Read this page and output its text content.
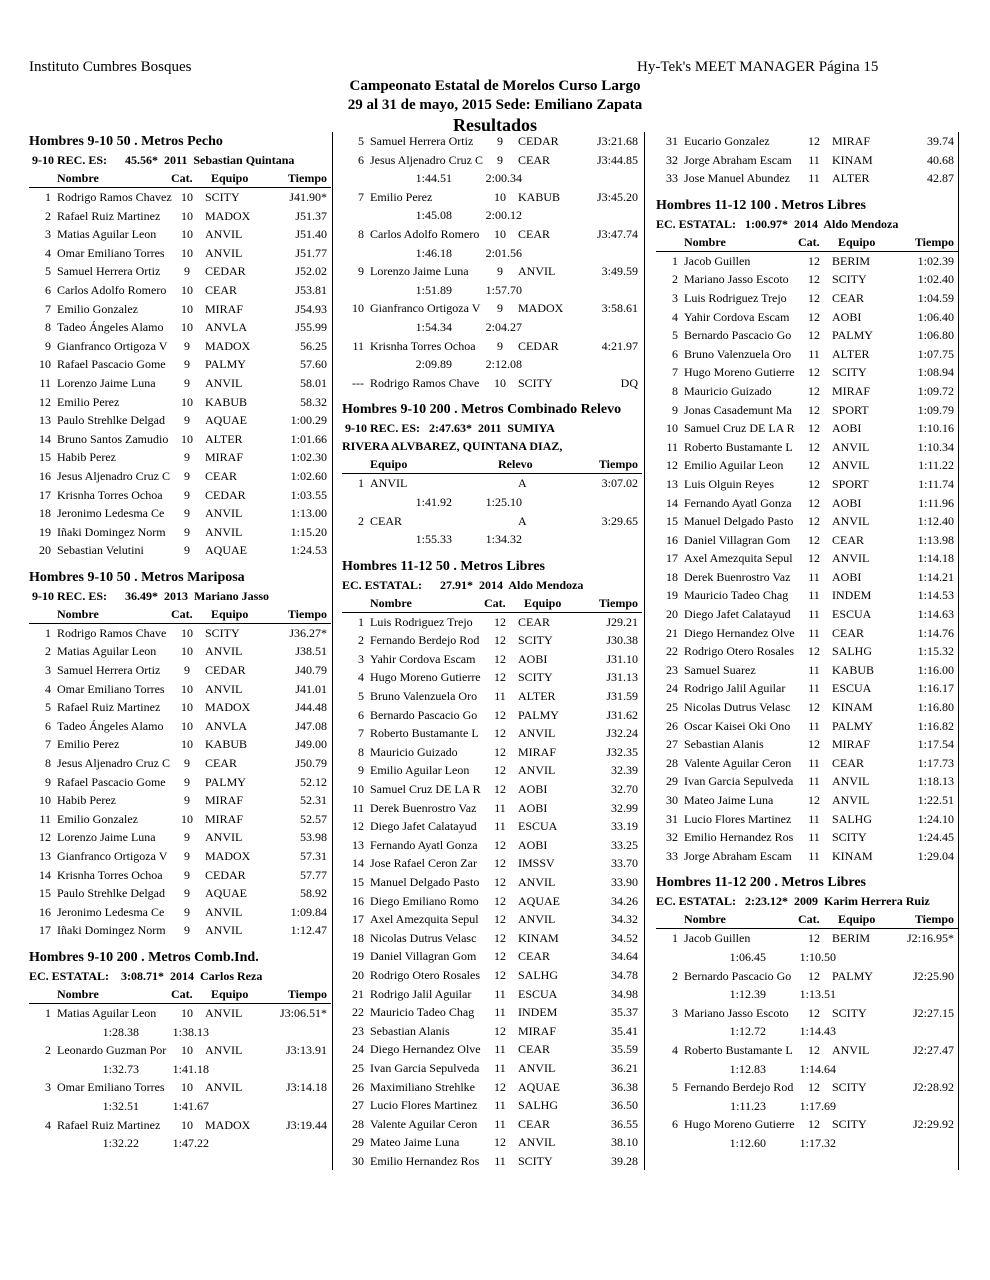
Instituto Cumbres Bosques	Hy-Tek's MEET MANAGER Página 15
Campeonato Estatal de Morelos Curso Largo
29 al 31 de mayo, 2015 Sede: Emiliano Zapata
Resultados
Hombres 9-10 50 . Metros Pecho
9-10 REC. ES:      45.56*  2011  Sebastian Quintana
Nombre	Cat. Equipo	Tiempo
1 Rodrigo Ramos Chavez 10	SCITY	J41.90*
2 Rafael Ruiz Martinez	10	MADOX	J51.37
3 Matias Aguilar Leon	10	ANVIL	J51.40
4 Omar Emiliano Torres	10	ANVIL	J51.77
5 Samuel Herrera Ortiz	9	CEDAR	J52.02
6 Carlos Adolfo Romero	10	CEAR	J53.81
7 Emilio Gonzalez	10	MIRAF	J54.93
8 Tadeo Ángeles Alamo	10	ANVLA	J55.99
9 Gianfranco Ortigoza V	9	MADOX	56.25
10 Rafael Pascacio Gome	9	PALMY	57.60
11 Lorenzo Jaime Luna	9	ANVIL	58.01
12 Emilio Perez	10	KABUB	58.32
13 Paulo Strehlke Delgad	9	AQUAE	1:00.29
14 Bruno Santos Zamudio	10	ALTER	1:01.66
15 Habib Perez	9	MIRAF	1:02.30
16 Jesus Aljenadro Cruz C	9	CEAR	1:02.60
17 Krisnha Torres Ochoa	9	CEDAR	1:03.55
18 Jeronimo Ledesma Ce	9	ANVIL	1:13.00
19 Iñaki Domingez Norm	9	ANVIL	1:15.20
20 Sebastian Velutini	9	AQUAE	1:24.53
Hombres 9-10 50 . Metros Mariposa
9-10 REC. ES:      36.49*  2013  Mariano Jasso
Nombre	Cat. Equipo	Tiempo
1 Rodrigo Ramos Chave	10	SCITY	J36.27*
2 Matias Aguilar Leon	10	ANVIL	J38.51
3 Samuel Herrera Ortiz	9	CEDAR	J40.79
4 Omar Emiliano Torres	10	ANVIL	J41.01
5 Rafael Ruiz Martinez	10	MADOX	J44.48
6 Tadeo Ángeles Alamo	10	ANVLA	J47.08
7 Emilio Perez	10	KABUB	J49.00
8 Jesus Aljenadro Cruz C	9	CEAR	J50.79
9 Rafael Pascacio Gome	9	PALMY	52.12
10 Habib Perez	9	MIRAF	52.31
11 Emilio Gonzalez	10	MIRAF	52.57
12 Lorenzo Jaime Luna	9	ANVIL	53.98
13 Gianfranco Ortigoza V	9	MADOX	57.31
14 Krisnha Torres Ochoa	9	CEDAR	57.77
15 Paulo Strehlke Delgad	9	AQUAE	58.92
16 Jeronimo Ledesma Ce	9	ANVIL	1:09.84
17 Iñaki Domingez Norm	9	ANVIL	1:12.47
Hombres 9-10 200 . Metros Comb.Ind.
EC. ESTATAL:    3:08.71*  2014  Carlos Reza
Nombre	Cat. Equipo	Tiempo
1 Matias Aguilar Leon	10	ANVIL	J3:06.51*
1:28.38	1:38.13
2 Leonardo Guzman Por	10	ANVIL	J3:13.91
1:32.73	1:41.18
3 Omar Emiliano Torres	10	ANVIL	J3:14.18
1:32.51	1:41.67
4 Rafael Ruiz Martinez	10	MADOX	J3:19.44
1:32.22	1:47.22
5 Samuel Herrera Ortiz	9	CEDAR	J3:21.68
6 Jesus Aljenadro Cruz C	9	CEAR	J3:44.85
1:44.51	2:00.34
7 Emilio Perez	10	KABUB	J3:45.20
1:45.08	2:00.12
8 Carlos Adolfo Romero	10	CEAR	J3:47.74
1:46.18	2:01.56
9 Lorenzo Jaime Luna	9	ANVIL	3:49.59
1:51.89	1:57.70
10 Gianfranco Ortigoza V	9	MADOX	3:58.61
1:54.34	2:04.27
11 Krisnha Torres Ochoa	9	CEDAR	4:21.97
2:09.89	2:12.08
--- Rodrigo Ramos Chave	10	SCITY	DQ
Hombres 9-10 200 . Metros Combinado Relevo
9-10 REC. ES:   2:47.63*  2011  SUMIYA
RIVERA ALVBAREZ, QUINTANA DIAZ,
Equipo	Relevo	Tiempo
1 ANVIL	A	3:07.02
1:41.92	1:25.10
2 CEAR	A	3:29.65
1:55.33	1:34.32
Hombres 11-12 50 . Metros Libres
EC. ESTATAL:      27.91*  2014  Aldo Mendoza
Nombre	Cat. Equipo	Tiempo
1 Luis Rodriguez Trejo	12	CEAR	J29.21
2 Fernando Berdejo Rod	12	SCITY	J30.38
3 Yahir Cordova Escam	12	AOBI	J31.10
4 Hugo Moreno Gutierre	12	SCITY	J31.13
5 Bruno Valenzuela Oro	11	ALTER	J31.59
6 Bernardo Pascacio Go	12	PALMY	J31.62
7 Roberto Bustamante L	12	ANVIL	J32.24
8 Mauricio Guizado	12	MIRAF	J32.35
9 Emilio Aguilar Leon	12	ANVIL	32.39
10 Samuel Cruz DE LA R	12	AOBI	32.70
11 Derek Buenrostro Vaz	11	AOBI	32.99
12 Diego Jafet Calatayud	11	ESCUA	33.19
13 Fernando Ayatl Gonza	12	AOBI	33.25
14 Jose Rafael Ceron Zar	12	IMSSV	33.70
15 Manuel Delgado Pasto	12	ANVIL	33.90
16 Diego Emiliano Romo	12	AQUAE	34.26
17 Axel Amezquita Sepul	12	ANVIL	34.32
18 Nicolas Dutrus Velasc	12	KINAM	34.52
19 Daniel Villagran Gom	12	CEAR	34.64
20 Rodrigo Otero Rosales	12	SALHG	34.78
21 Rodrigo Jalil Aguilar	11	ESCUA	34.98
22 Mauricio Tadeo Chag	11	INDEM	35.37
23 Sebastian Alanis	12	MIRAF	35.41
24 Diego Hernandez Olve	11	CEAR	35.59
25 Ivan Garcia Sepulveda	11	ANVIL	36.21
26 Maximiliano Strehlke	12	AQUAE	36.38
27 Lucio Flores Martinez	11	SALHG	36.50
28 Valente Aguilar Ceron	11	CEAR	36.55
29 Mateo Jaime Luna	12	ANVIL	38.10
30 Emilio Hernandez Ros	11	SCITY	39.28
31 Eucario Gonzalez	12	MIRAF	39.74
32 Jorge Abraham Escam	11	KINAM	40.68
33 Jose Manuel Abundez	11	ALTER	42.87
Hombres 11-12 100 . Metros Libres
EC. ESTATAL:   1:00.97*  2014  Aldo Mendoza
Nombre	Cat. Equipo	Tiempo
1 Jacob Guillen	12	BERIM	1:02.39
2 Mariano Jasso Escoto	12	SCITY	1:02.40
3 Luis Rodriguez Trejo	12	CEAR	1:04.59
4 Yahir Cordova Escam	12	AOBI	1:06.40
5 Bernardo Pascacio Go	12	PALMY	1:06.80
6 Bruno Valenzuela Oro	11	ALTER	1:07.75
7 Hugo Moreno Gutierre	12	SCITY	1:08.94
8 Mauricio Guizado	12	MIRAF	1:09.72
9 Jonas Casademunt Ma	12	SPORT	1:09.79
10 Samuel Cruz DE LA R	12	AOBI	1:10.16
11 Roberto Bustamante L	12	ANVIL	1:10.34
12 Emilio Aguilar Leon	12	ANVIL	1:11.22
13 Luis Olguin Reyes	12	SPORT	1:11.74
14 Fernando Ayatl Gonza	12	AOBI	1:11.96
15 Manuel Delgado Pasto	12	ANVIL	1:12.40
16 Daniel Villagran Gom	12	CEAR	1:13.98
17 Axel Amezquita Sepul	12	ANVIL	1:14.18
18 Derek Buenrostro Vaz	11	AOBI	1:14.21
19 Mauricio Tadeo Chag	11	INDEM	1:14.53
20 Diego Jafet Calatayud	11	ESCUA	1:14.63
21 Diego Hernandez Olve	11	CEAR	1:14.76
22 Rodrigo Otero Rosales	12	SALHG	1:15.32
23 Samuel Suarez	11	KABUB	1:16.00
24 Rodrigo Jalil Aguilar	11	ESCUA	1:16.17
25 Nicolas Dutrus Velasc	12	KINAM	1:16.80
26 Oscar Kaisei Oki Ono	11	PALMY	1:16.82
27 Sebastian Alanis	12	MIRAF	1:17.54
28 Valente Aguilar Ceron	11	CEAR	1:17.73
29 Ivan Garcia Sepulveda	11	ANVIL	1:18.13
30 Mateo Jaime Luna	12	ANVIL	1:22.51
31 Lucio Flores Martinez	11	SALHG	1:24.10
32 Emilio Hernandez Ros	11	SCITY	1:24.45
33 Jorge Abraham Escam	11	KINAM	1:29.04
Hombres 11-12 200 . Metros Libres
EC. ESTATAL:   2:23.12*  2009  Karim Herrera Ruiz
Nombre	Cat. Equipo	Tiempo
1 Jacob Guillen	12	BERIM	J2:16.95*
1:06.45	1:10.50
2 Bernardo Pascacio Go	12	PALMY	J2:25.90
1:12.39	1:13.51
3 Mariano Jasso Escoto	12	SCITY	J2:27.15
1:12.72	1:14.43
4 Roberto Bustamante L	12	ANVIL	J2:27.47
1:12.83	1:14.64
5 Fernando Berdejo Rod	12	SCITY	J2:28.92
1:11.23	1:17.69
6 Hugo Moreno Gutierre	12	SCITY	J2:29.92
1:12.60	1:17.32
